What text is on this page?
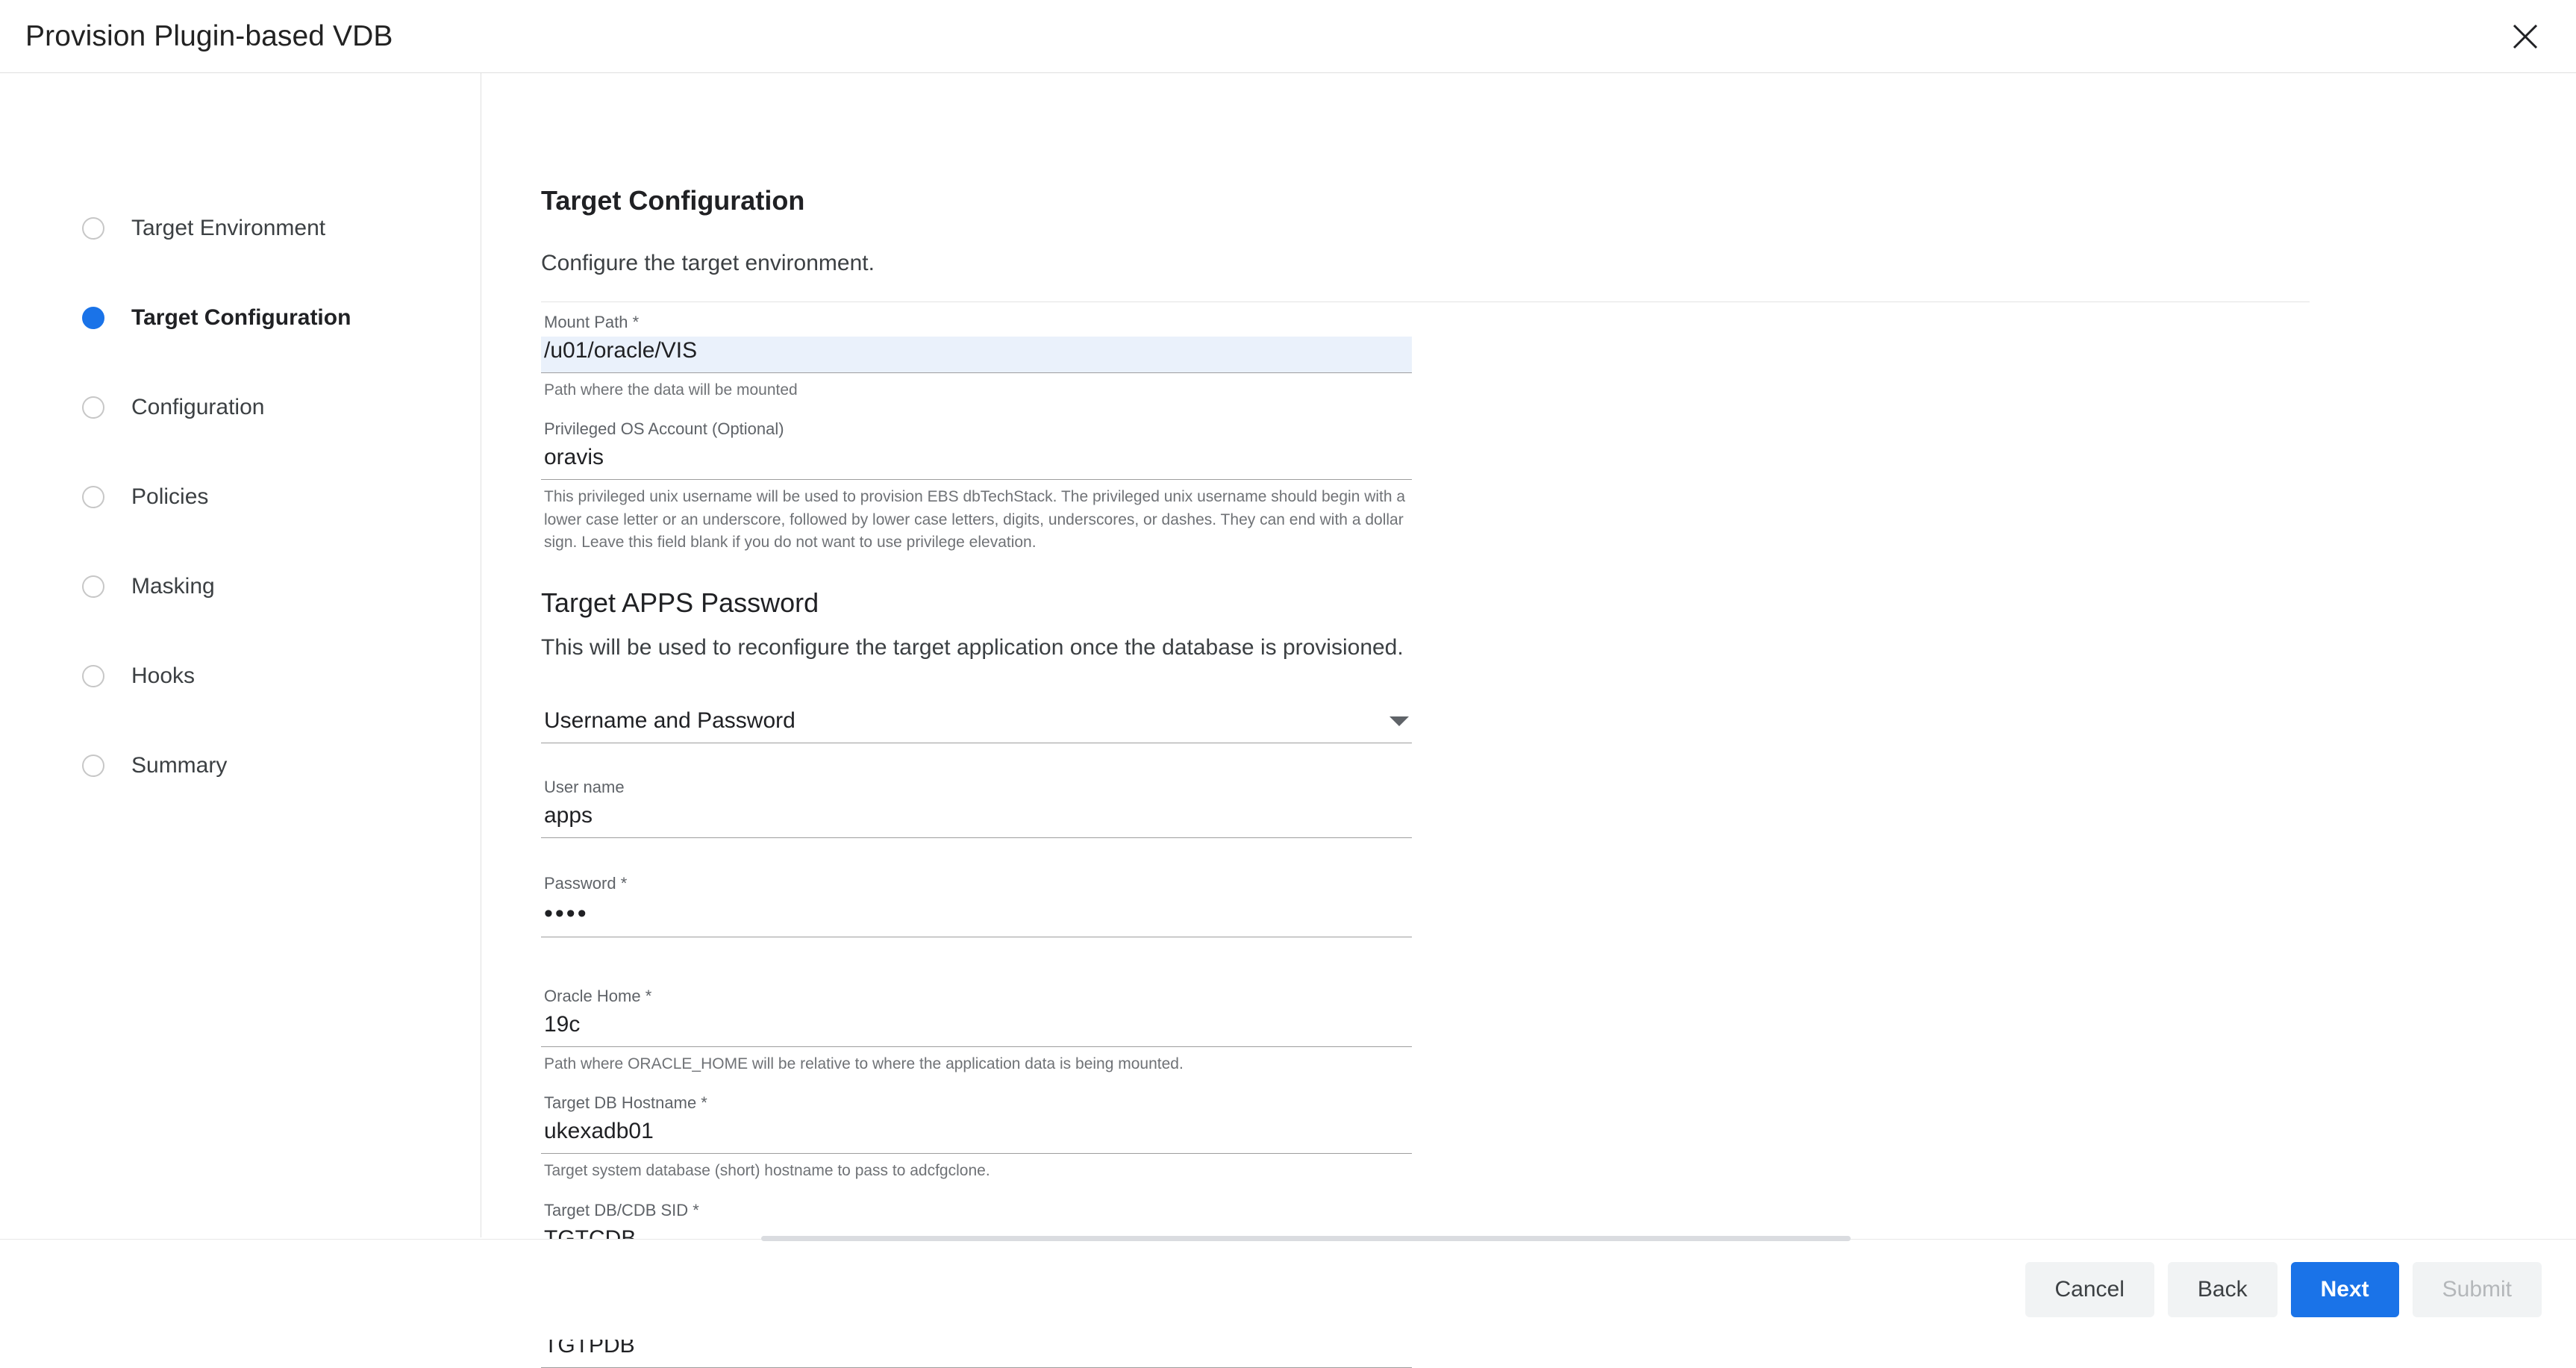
Provision Plugin-based VDB
Target Environment
Target Configuration
Configuration
Policies
Masking
Hooks
Summary
Target Configuration

Configure the target environment.

Mount Path *
/u01/oracle/VIS
Path where the data will be mounted
Privileged OS Account (Optional)
oravis
This privileged unix username will be used to provision EBS dbTechStack. The privileged unix username should begin with a lower case letter or an underscore, followed by lower case letters, digits, underscores, or dashes. They can end with a dollar sign. Leave this field blank if you do not want to use privilege elevation.
Target APPS Password

This will be used to reconfigure the target application once the database is provisioned.

Username and Password
User name
apps
Password *
••••
Oracle Home *
19c
Path where ORACLE_HOME will be relative to where the application data is being mounted.
Target DB Hostname *
ukexadb01
Target system database (short) hostname to pass to adcfgclone.
Target DB/CDB SID *
TGTCDB
TGTPDB
Cancel	Back	Next	Submit
